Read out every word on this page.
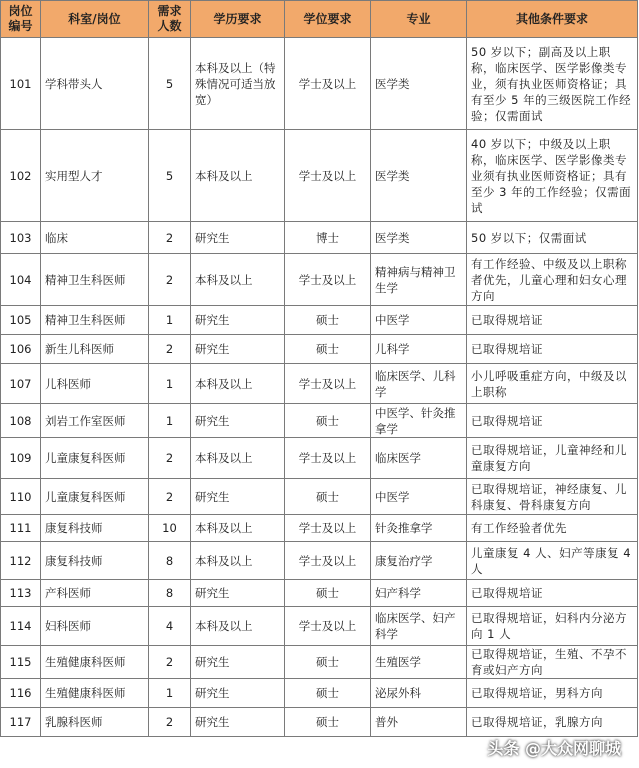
岗位编号	科室/岗位	需求人数	学历要求	学位要求	专业	其他条件要求
101	学科带头人	5	本科及以上（特殊情况可适当放宽）	学士及以上	医学类	50 岁以下；副高及以上职称，临床医学、医学影像类专业，须有执业医师资格证；具有至少 5 年的三级医院工作经验；仅需面试
102	实用型人才	5	本科及以上	学士及以上	医学类	40 岁以下；中级及以上职称，临床医学、医学影像类专业须有执业医师资格证；具有至少 3 年的工作经验；仅需面试
103	临床	2	研究生	博士	医学类	50 岁以下；仅需面试
104	精神卫生科医师	2	本科及以上	学士及以上	精神病与精神卫生学	有工作经验、中级及以上职称者优先，儿童心理和妇女心理方向
105	精神卫生科医师	1	研究生	硕士	中医学	已取得规培证
106	新生儿科医师	2	研究生	硕士	儿科学	已取得规培证
107	儿科医师	1	本科及以上	学士及以上	临床医学、儿科学	小儿呼吸重症方向，中级及以上职称
108	刘岩工作室医师	1	研究生	硕士	中医学、针灸推拿学	已取得规培证
109	儿童康复科医师	2	本科及以上	学士及以上	临床医学	已取得规培证，儿童神经和儿童康复方向
110	儿童康复科医师	2	研究生	硕士	中医学	已取得规培证，神经康复、儿科康复、骨科康复方向
111	康复科技师	10	本科及以上	学士及以上	针灸推拿学	有工作经验者优先
112	康复科技师	8	本科及以上	学士及以上	康复治疗学	儿童康复 4 人、妇产等康复 4 人
113	产科医师	8	研究生	硕士	妇产科学	已取得规培证
114	妇科医师	4	本科及以上	学士及以上	临床医学、妇产科学	已取得规培证，妇科内分泌方向 1 人
115	生殖健康科医师	2	研究生	硕士	生殖医学	已取得规培证，生殖、不孕不育或妇产方向
116	生殖健康科医师	1	研究生	硕士	泌尿外科	已取得规培证，男科方向
117	乳腺科医师	2	研究生	硕士	普外	已取得规培证，乳腺方向
头条 @大众网聊城
